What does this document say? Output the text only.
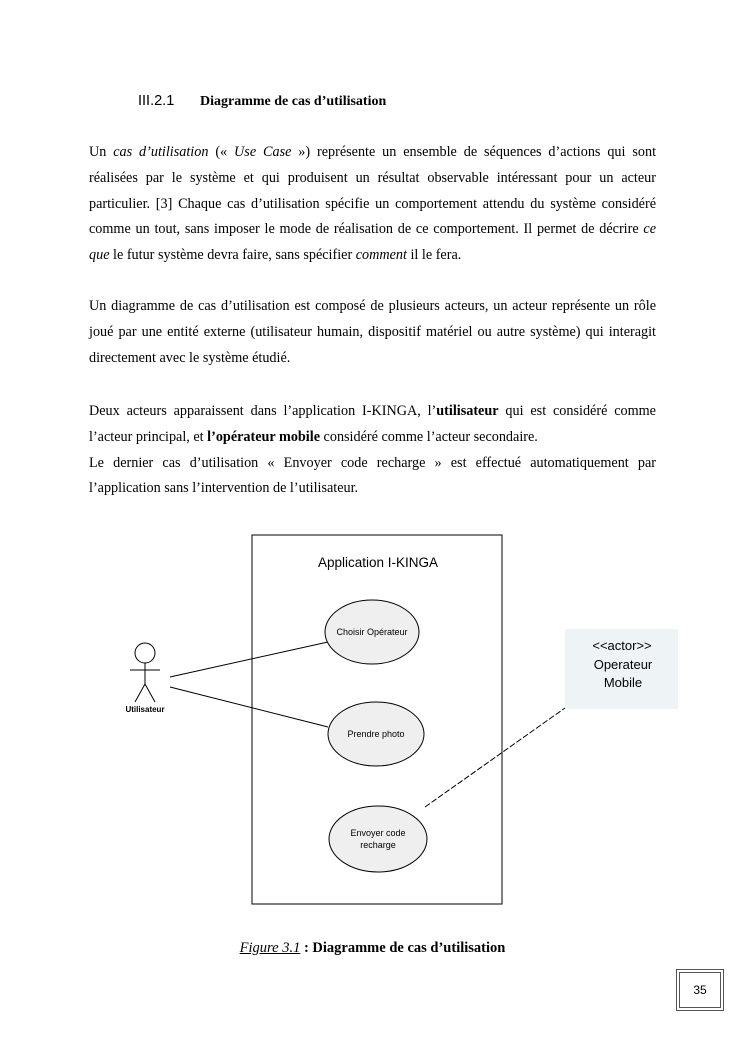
III.2.1 Diagramme de cas d’utilisation

Un cas d’utilisation (« Use Case ») représente un ensemble de séquences d’actions qui sont réalisées par le système et qui produisent un résultat observable intéressant pour un acteur particulier. [3] Chaque cas d’utilisation spécifie un comportement attendu du système considéré comme un tout, sans imposer le mode de réalisation de ce comportement. Il permet de décrire ce que le futur système devra faire, sans spécifier comment il le fera.

Un diagramme de cas d’utilisation est composé de plusieurs acteurs, un acteur représente un rôle joué par une entité externe (utilisateur humain, dispositif matériel ou autre système) qui interagit directement avec le système étudié.

Deux acteurs apparaissent dans l’application I-KINGA, l’utilisateur qui est considéré comme l’acteur principal, et l’opérateur mobile considéré comme l’acteur secondaire.

Le dernier cas d’utilisation « Envoyer code recharge » est effectué automatiquement par l’application sans l’intervention de l’utilisateur.

Application I-KINGA
Utilisateur
Choisir Opérateur
Prendre photo
Envoyer code
recharge
<<actor>>
Operateur
Mobile
Figure 3.1 : Diagramme de cas d’utilisation
35
